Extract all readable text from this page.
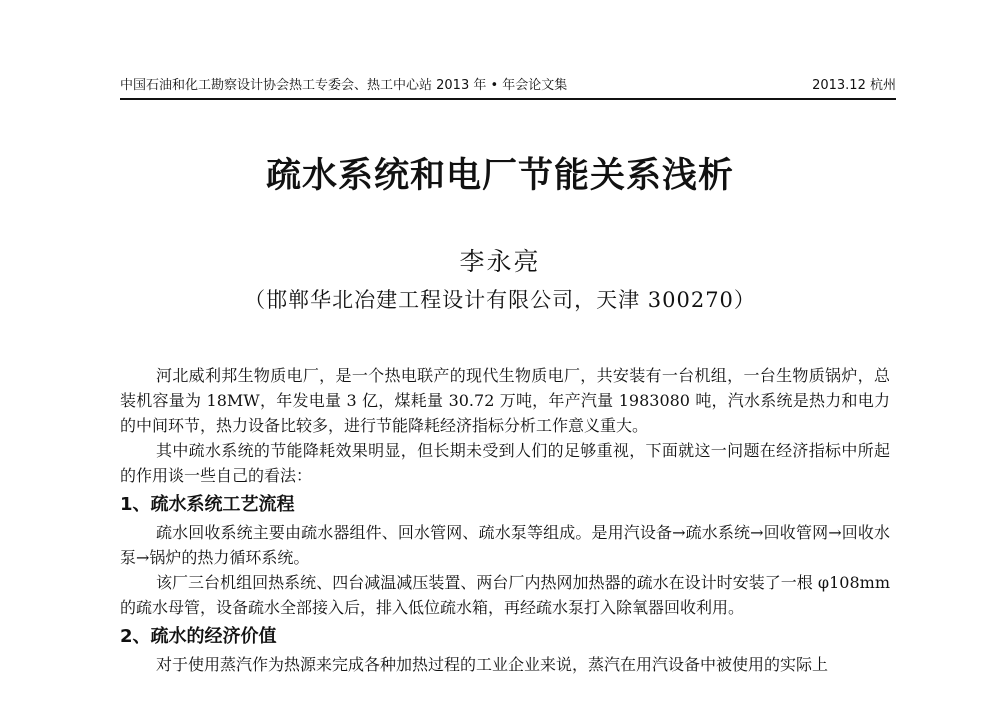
中国石油和化工勘察设计协会热工专委会、热工中心站 2013 年 • 年会论文集	2013.12 杭州
疏水系统和电厂节能关系浅析
李永亮
（邯郸华北冶建工程设计有限公司，天津 300270）

河北威利邦生物质电厂，是一个热电联产的现代生物质电厂，共安装有一台机组，一台生物质锅炉，总装机容量为 18MW，年发电量 3 亿，煤耗量 30.72 万吨，年产汽量 1983080 吨，汽水系统是热力和电力的中间环节，热力设备比较多，进行节能降耗经济指标分析工作意义重大。

其中疏水系统的节能降耗效果明显，但长期未受到人们的足够重视，下面就这一问题在经济指标中所起的作用谈一些自己的看法：

1、疏水系统工艺流程

疏水回收系统主要由疏水器组件、回水管网、疏水泵等组成。是用汽设备→疏水系统→回收管网→回收水泵→锅炉的热力循环系统。

该厂三台机组回热系统、四台减温减压装置、两台厂内热网加热器的疏水在设计时安装了一根 φ108mm 的疏水母管，设备疏水全部接入后，排入低位疏水箱，再经疏水泵打入除氧器回收利用。

2、疏水的经济价值

对于使用蒸汽作为热源来完成各种加热过程的工业企业来说，蒸汽在用汽设备中被使用的实际上
